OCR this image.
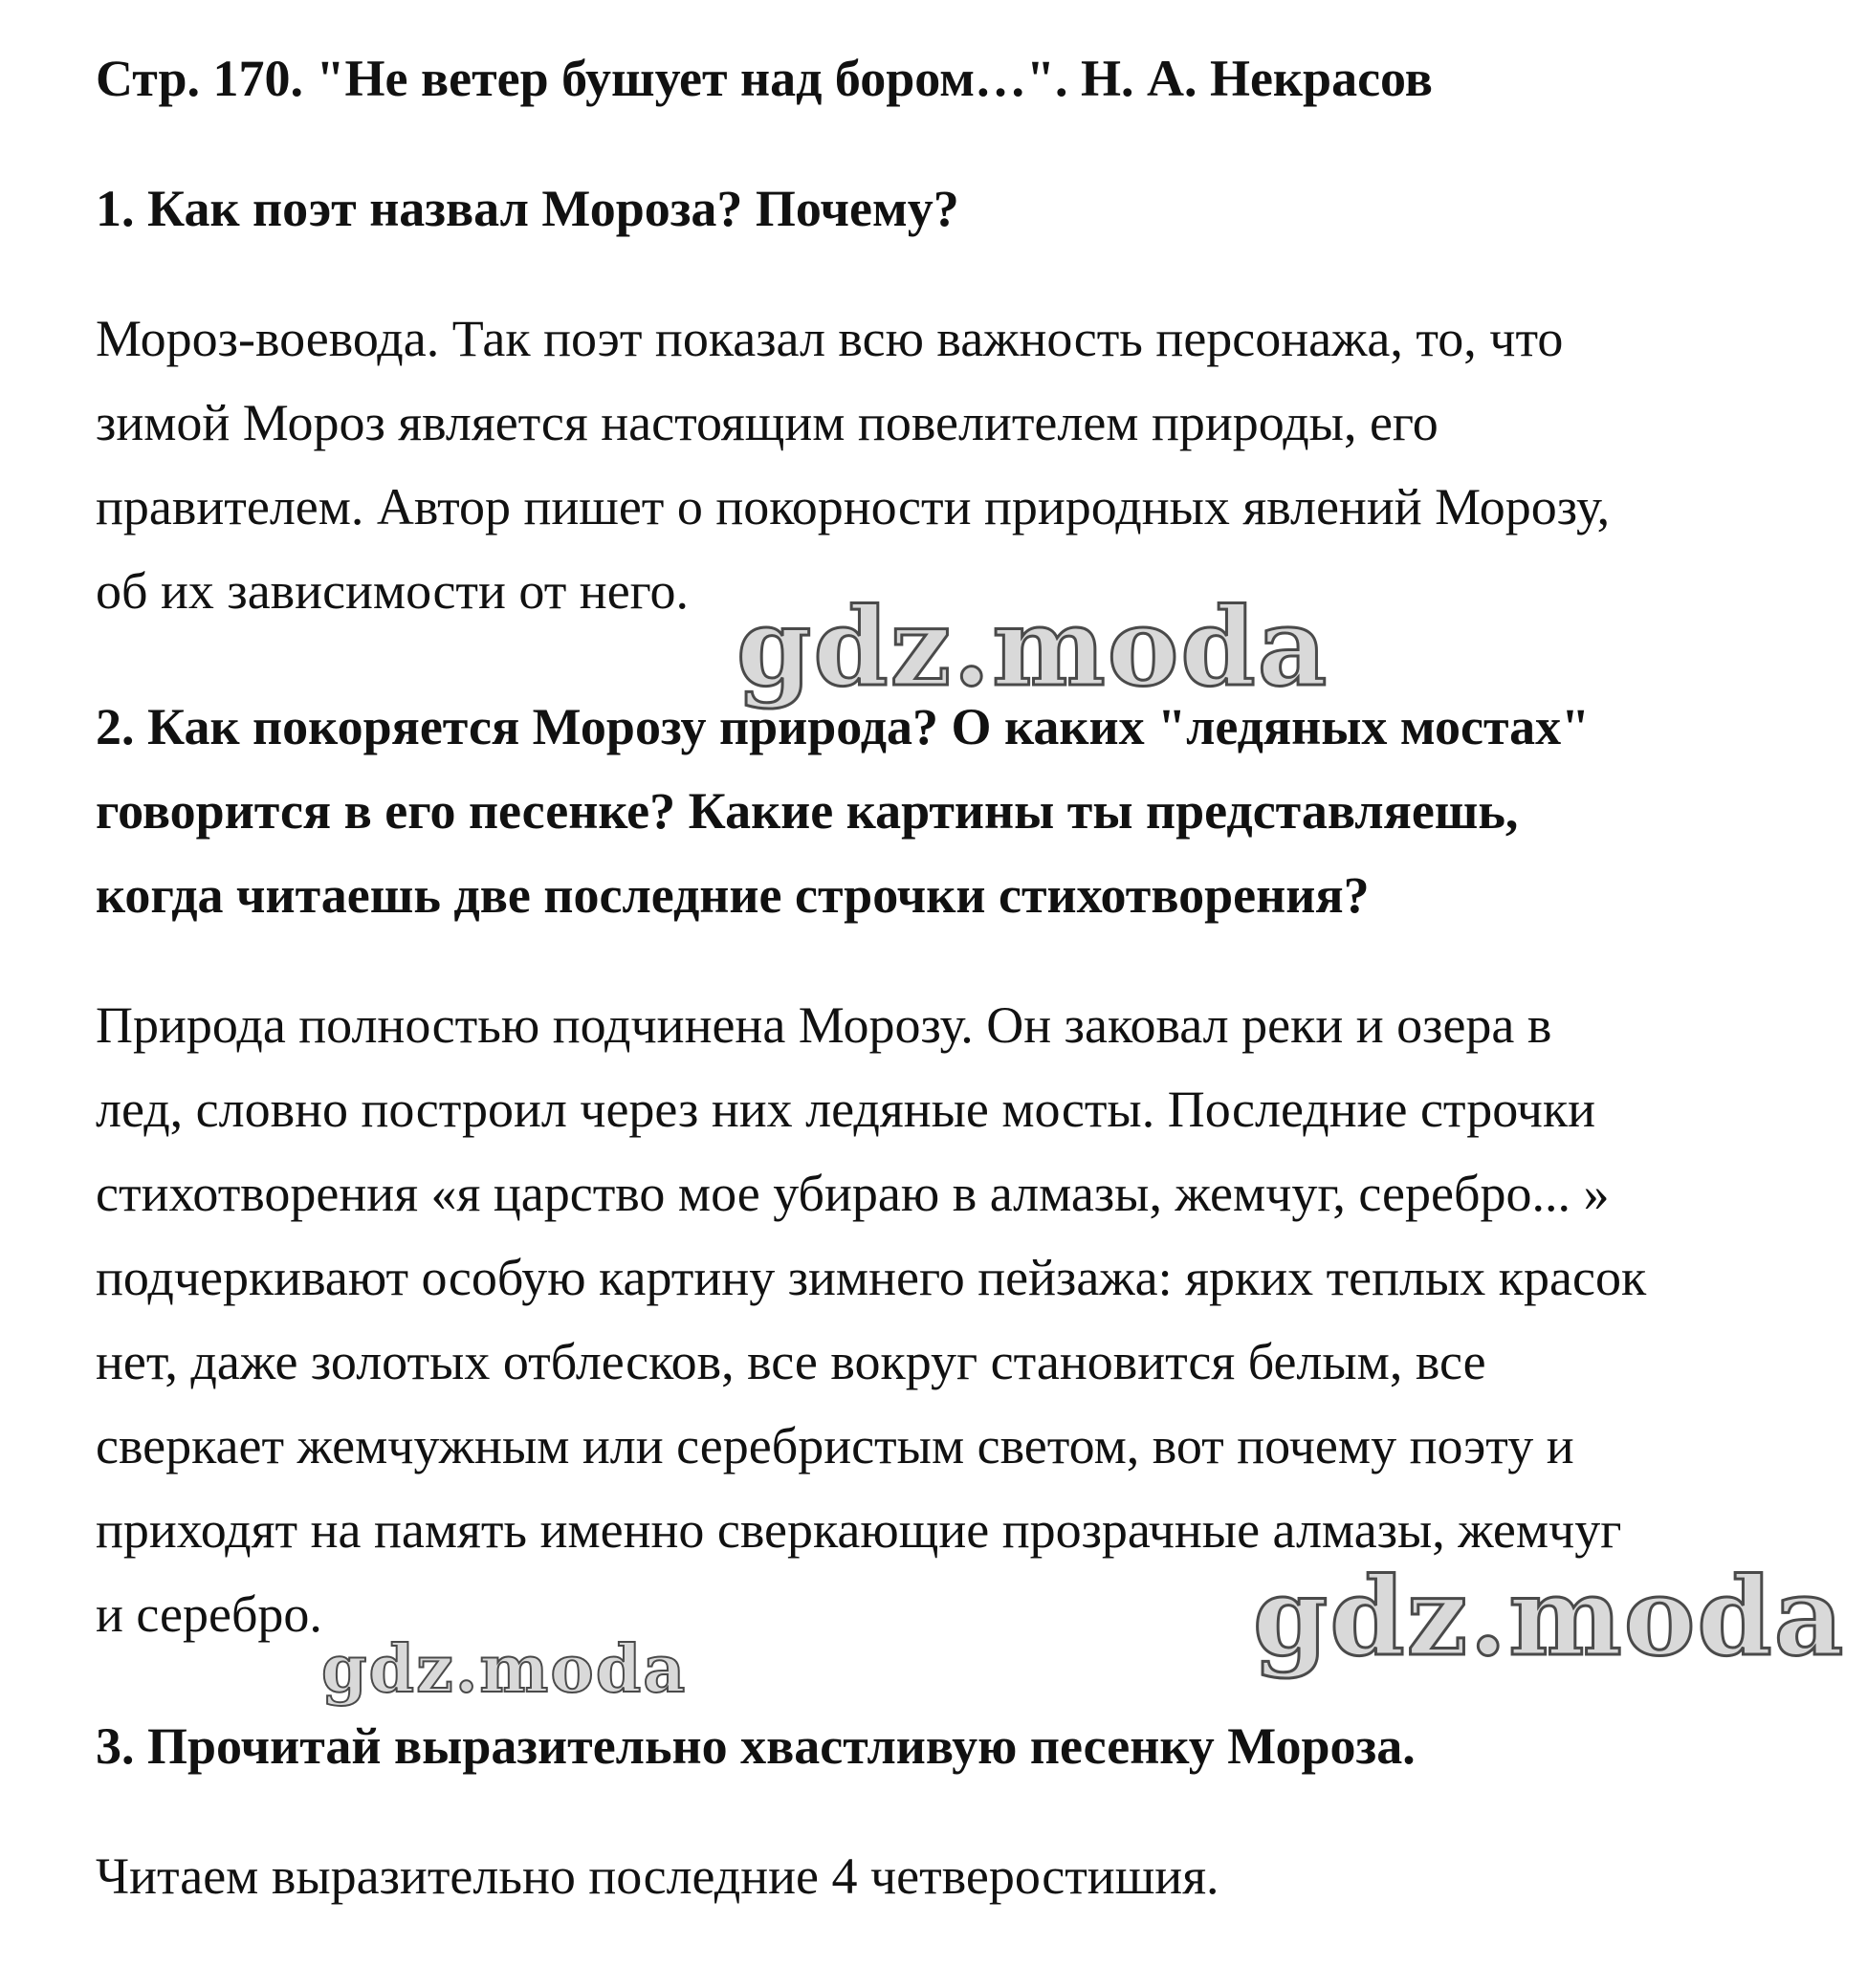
Стр. 170. "Не ветер бушует над бором…". Н. А. Некрасов
1. Как поэт назвал Мороза? Почему?
Мороз-воевода. Так поэт показал всю важность персонажа, то, что
зимой Мороз является настоящим повелителем природы, его
правителем. Автор пишет о покорности природных явлений Морозу,
об их зависимости от него.
2. Как покоряется Морозу природа? О каких "ледяных мостах"
говорится в его песенке? Какие картины ты представляешь,
когда читаешь две последние строчки стихотворения?
Природа полностью подчинена Морозу. Он заковал реки и озера в
лед, словно построил через них ледяные мосты. Последние строчки
стихотворения «я царство мое убираю в алмазы, жемчуг, серебро... »
подчеркивают особую картину зимнего пейзажа: ярких теплых красок
нет, даже золотых отблесков, все вокруг становится белым, все
сверкает жемчужным или серебристым светом, вот почему поэту и
приходят на память именно сверкающие прозрачные алмазы, жемчуг
и серебро.
3. Прочитай выразительно хвастливую песенку Мороза.
Читаем выразительно последние 4 четверостишия.
gdz.moda
gdz.moda
gdz.moda
